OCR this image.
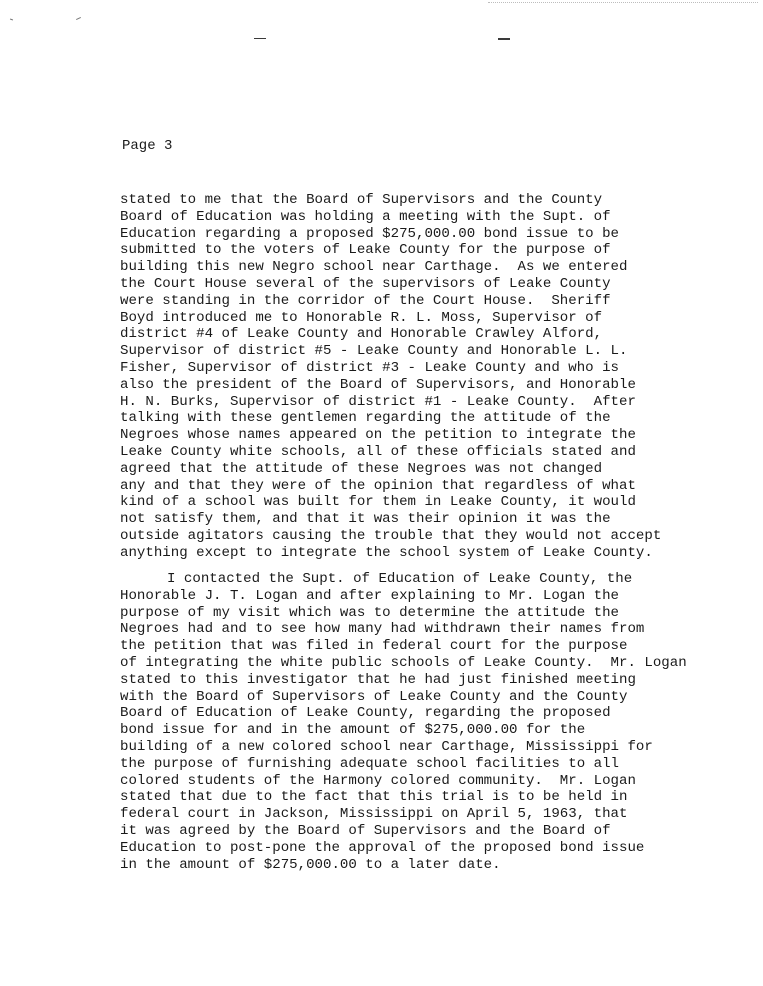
Page 3
stated to me that the Board of Supervisors and the County
Board of Education was holding a meeting with the Supt. of
Education regarding a proposed $275,000.00 bond issue to be
submitted to the voters of Leake County for the purpose of
building this new Negro school near Carthage.  As we entered
the Court House several of the supervisors of Leake County
were standing in the corridor of the Court House.  Sheriff
Boyd introduced me to Honorable R. L. Moss, Supervisor of
district #4 of Leake County and Honorable Crawley Alford,
Supervisor of district #5 - Leake County and Honorable L. L.
Fisher, Supervisor of district #3 - Leake County and who is
also the president of the Board of Supervisors, and Honorable
H. N. Burks, Supervisor of district #1 - Leake County.  After
talking with these gentlemen regarding the attitude of the
Negroes whose names appeared on the petition to integrate the
Leake County white schools, all of these officials stated and
agreed that the attitude of these Negroes was not changed
any and that they were of the opinion that regardless of what
kind of a school was built for them in Leake County, it would
not satisfy them, and that it was their opinion it was the
outside agitators causing the trouble that they would not accept
anything except to integrate the school system of Leake County.
I contacted the Supt. of Education of Leake County, the
Honorable J. T. Logan and after explaining to Mr. Logan the
purpose of my visit which was to determine the attitude the
Negroes had and to see how many had withdrawn their names from
the petition that was filed in federal court for the purpose
of integrating the white public schools of Leake County.  Mr. Logan
stated to this investigator that he had just finished meeting
with the Board of Supervisors of Leake County and the County
Board of Education of Leake County, regarding the proposed
bond issue for and in the amount of $275,000.00 for the
building of a new colored school near Carthage, Mississippi for
the purpose of furnishing adequate school facilities to all
colored students of the Harmony colored community.  Mr. Logan
stated that due to the fact that this trial is to be held in
federal court in Jackson, Mississippi on April 5, 1963, that
it was agreed by the Board of Supervisors and the Board of
Education to post-pone the approval of the proposed bond issue
in the amount of $275,000.00 to a later date.
